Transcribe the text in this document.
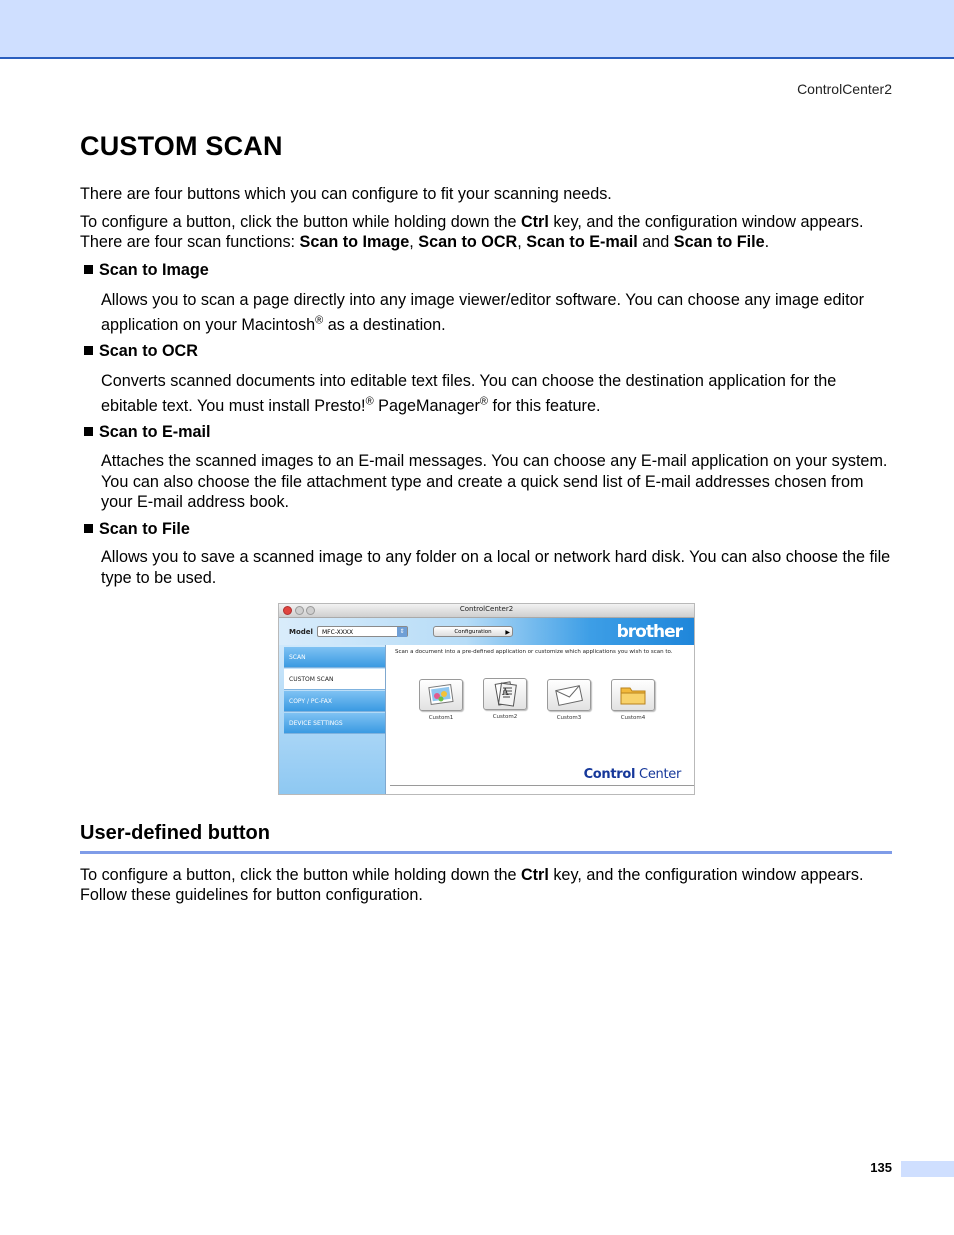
ControlCenter2
CUSTOM SCAN

There are four buttons which you can configure to fit your scanning needs.

To configure a button, click the button while holding down the Ctrl key, and the configuration window appears.
There are four scan functions: Scan to Image, Scan to OCR, Scan to E-mail and Scan to File.

Scan to Image

Allows you to scan a page directly into any image viewer/editor software. You can choose any image editor application on your Macintosh® as a destination.

Scan to OCR

Converts scanned documents into editable text files. You can choose the destination application for the ebitable text. You must install Presto!® PageManager® for this feature.

Scan to E-mail

Attaches the scanned images to an E-mail messages. You can choose any E-mail application on your system. You can also choose the file attachment type and create a quick send list of E-mail addresses chosen from your E-mail address book.

Scan to File

Allows you to save a scanned image to any folder on a local or network hard disk. You can also choose the file type to be used.

ControlCenter2
Model	MFC-XXXX	⇕	Configuration ▶	brother
SCAN
CUSTOM SCAN
COPY / PC-FAX
DEVICE SETTINGS
Scan a document into a pre-defined application or customize which applications you wish to scan to.
Custom1
A
Custom2	Custom3	Custom4
Control Center
User-defined button

To configure a button, click the button while holding down the Ctrl key, and the configuration window appears.
Follow these guidelines for button configuration.

135
